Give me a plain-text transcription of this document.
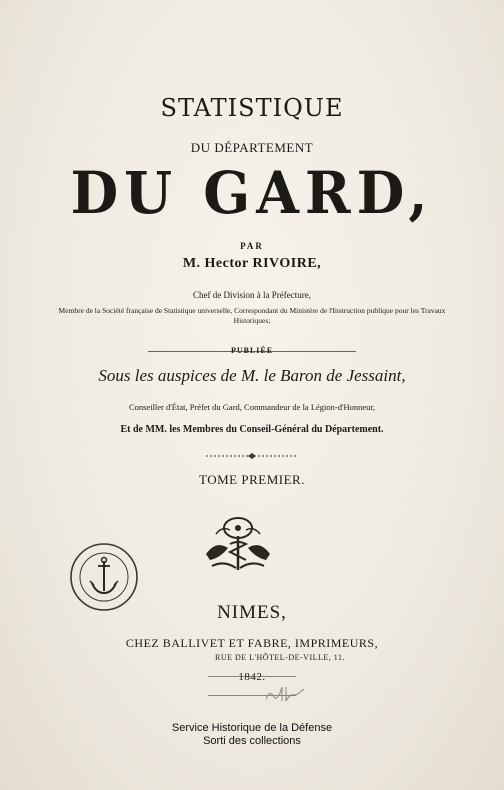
STATISTIQUE
DU DÉPARTEMENT
DU GARD,
PAR
M. Hector RIVOIRE,
Chef de Division à la Préfecture,
Membre de la Société française de Statistique universelle, Correspondant du Ministère de l'Instruction publique pour les Travaux Historiques;
PUBLIÉE
Sous les auspices de M. le Baron de Jessaint,
Conseiller d'État, Préfet du Gard, Commandeur de la Légion-d'Honneur,
Et de MM. les Membres du Conseil-Général du Département.
TOME PREMIER.
NIMES,
CHEZ BALLIVET ET FABRE, IMPRIMEURS,
RUE DE L'HÔTEL-DE-VILLE, 11.
1842.
Service Historique de la Défense
Sorti des collections
